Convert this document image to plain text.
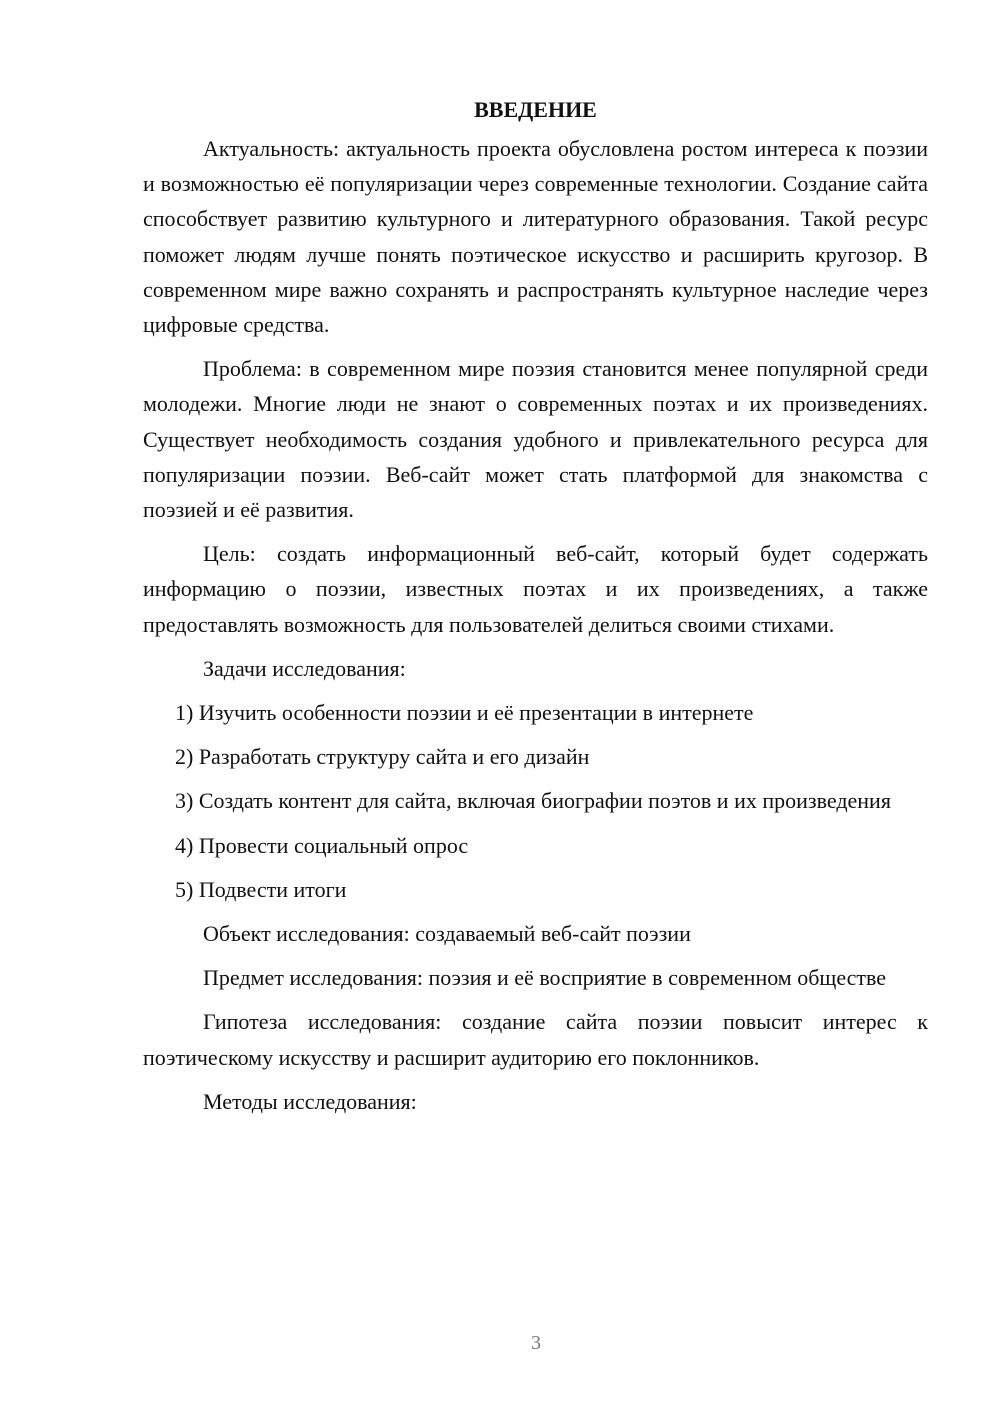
ВВЕДЕНИЕ

Актуальность: актуальность проекта обусловлена ростом интереса к поэзии и возможностью её популяризации через современные технологии. Создание сайта способствует развитию культурного и литературного образования. Такой ресурс поможет людям лучше понять поэтическое искусство и расширить кругозор. В современном мире важно сохранять и распространять культурное наследие через цифровые средства.

Проблема: в современном мире поэзия становится менее популярной среди молодежи. Многие люди не знают о современных поэтах и их произведениях. Существует необходимость создания удобного и привлекательного ресурса для популяризации поэзии. Веб-сайт может стать платформой для знакомства с поэзией и её развития.

Цель: создать информационный веб-сайт, который будет содержать информацию о поэзии, известных поэтах и их произведениях, а также предоставлять возможность для пользователей делиться своими стихами.

Задачи исследования:

1) Изучить особенности поэзии и её презентации в интернете

2) Разработать структуру сайта и его дизайн

3) Создать контент для сайта, включая биографии поэтов и их произведения

4) Провести социальный опрос

5) Подвести итоги

Объект исследования: создаваемый веб-сайт поэзии

Предмет исследования: поэзия и её восприятие в современном обществе

Гипотеза исследования: создание сайта поэзии повысит интерес к поэтическому искусству и расширит аудиторию его поклонников.

Методы исследования:

3
